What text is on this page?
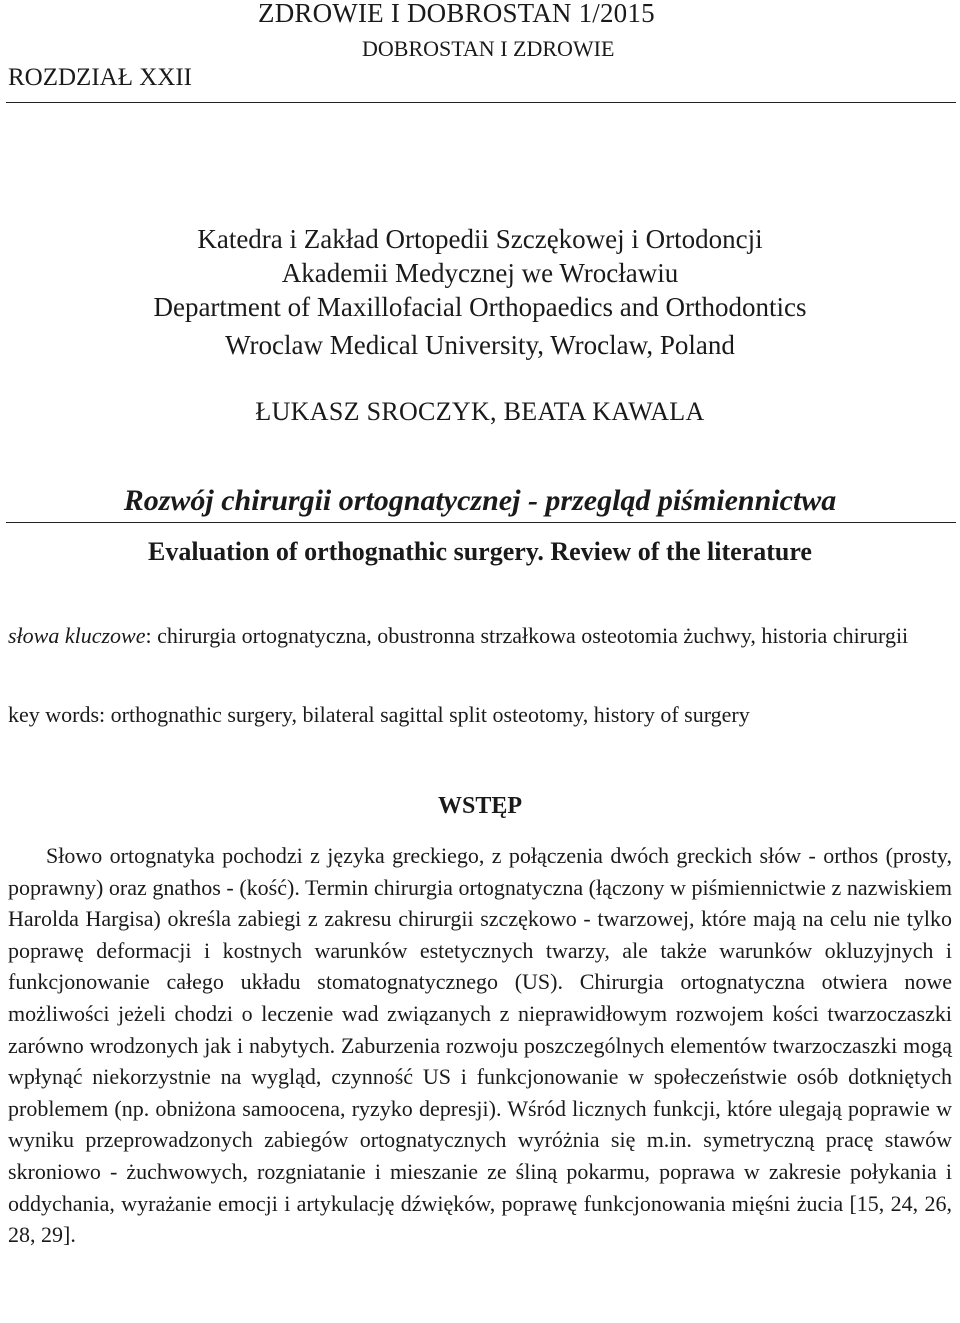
ZDROWIE I DOBROSTAN 1/2015
DOBROSTAN I ZDROWIE
ROZDZIAŁ XXII
Katedra i Zakład Ortopedii Szczękowej i Ortodoncji
Akademii Medycznej we Wrocławiu
Department of Maxillofacial Orthopaedics and Orthodontics
Wroclaw Medical University, Wroclaw, Poland
ŁUKASZ SROCZYK, BEATA KAWALA
Rozwój chirurgii ortognatycznej - przegląd piśmiennictwa
Evaluation of orthognathic surgery. Review of the literature
słowa kluczowe: chirurgia ortognatyczna, obustronna strzałkowa osteotomia żuchwy, historia chirurgii
key words: orthognathic surgery, bilateral sagittal split osteotomy, history of surgery
WSTĘP

Słowo ortognatyka pochodzi z języka greckiego, z połączenia dwóch greckich słów - orthos (prosty, poprawny) oraz gnathos - (kość). Termin chirurgia ortognatyczna (łączony w piśmiennictwie z nazwiskiem Harolda Hargisa) określa zabiegi z zakresu chirurgii szczękowo - twarzowej, które mają na celu nie tylko poprawę deformacji i kostnych warunków estetycznych twarzy, ale także warunków okluzyjnych i funkcjonowanie całego układu stomatognatycznego (US). Chirurgia ortognatyczna otwiera nowe możliwości jeżeli chodzi o leczenie wad związanych z nieprawidłowym rozwojem kości twarzoczaszki zarówno wrodzonych jak i nabytych. Zaburzenia rozwoju poszczególnych elementów twarzoczaszki mogą wpłynąć niekorzystnie na wygląd, czynność US i funkcjonowanie w społeczeństwie osób dotkniętych problemem (np. obniżona samoocena, ryzyko depresji). Wśród licznych funkcji, które ulegają poprawie w wyniku przeprowadzonych zabiegów ortognatycznych wyróżnia się m.in. symetryczną pracę stawów skroniowo - żuchwowych, rozgniatanie i mieszanie ze śliną pokarmu, poprawa w zakresie połykania i oddychania, wyrażanie emocji i artykulację dźwięków, poprawę funkcjonowania mięśni żucia [15, 24, 26, 28, 29].
